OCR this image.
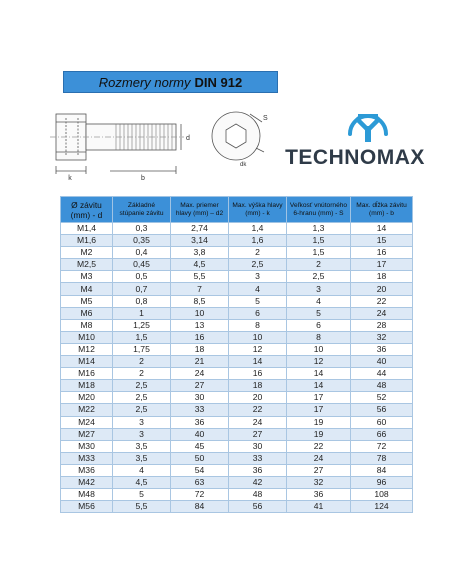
Rozmery normy DIN 912
k	b
d
S
dk	TECHNOMAX
Ø závitu (mm) - d	Základné stúpanie závitu	Max. priemer hlavy (mm) – d2	Max. výška hlavy (mm) - k	Veľkosť vnútorného 6-hranu (mm) - S	Max. dĺžka závitu (mm) - b
M1,4	0,3	2,74	1,4	1,3	14
M1,6	0,35	3,14	1,6	1,5	15
M2	0,4	3,8	2	1,5	16
M2,5	0,45	4,5	2,5	2	17
M3	0,5	5,5	3	2,5	18
M4	0,7	7	4	3	20
M5	0,8	8,5	5	4	22
M6	1	10	6	5	24
M8	1,25	13	8	6	28
M10	1,5	16	10	8	32
M12	1,75	18	12	10	36
M14	2	21	14	12	40
M16	2	24	16	14	44
M18	2,5	27	18	14	48
M20	2,5	30	20	17	52
M22	2,5	33	22	17	56
M24	3	36	24	19	60
M27	3	40	27	19	66
M30	3,5	45	30	22	72
M33	3,5	50	33	24	78
M36	4	54	36	27	84
M42	4,5	63	42	32	96
M48	5	72	48	36	108
M56	5,5	84	56	41	124
